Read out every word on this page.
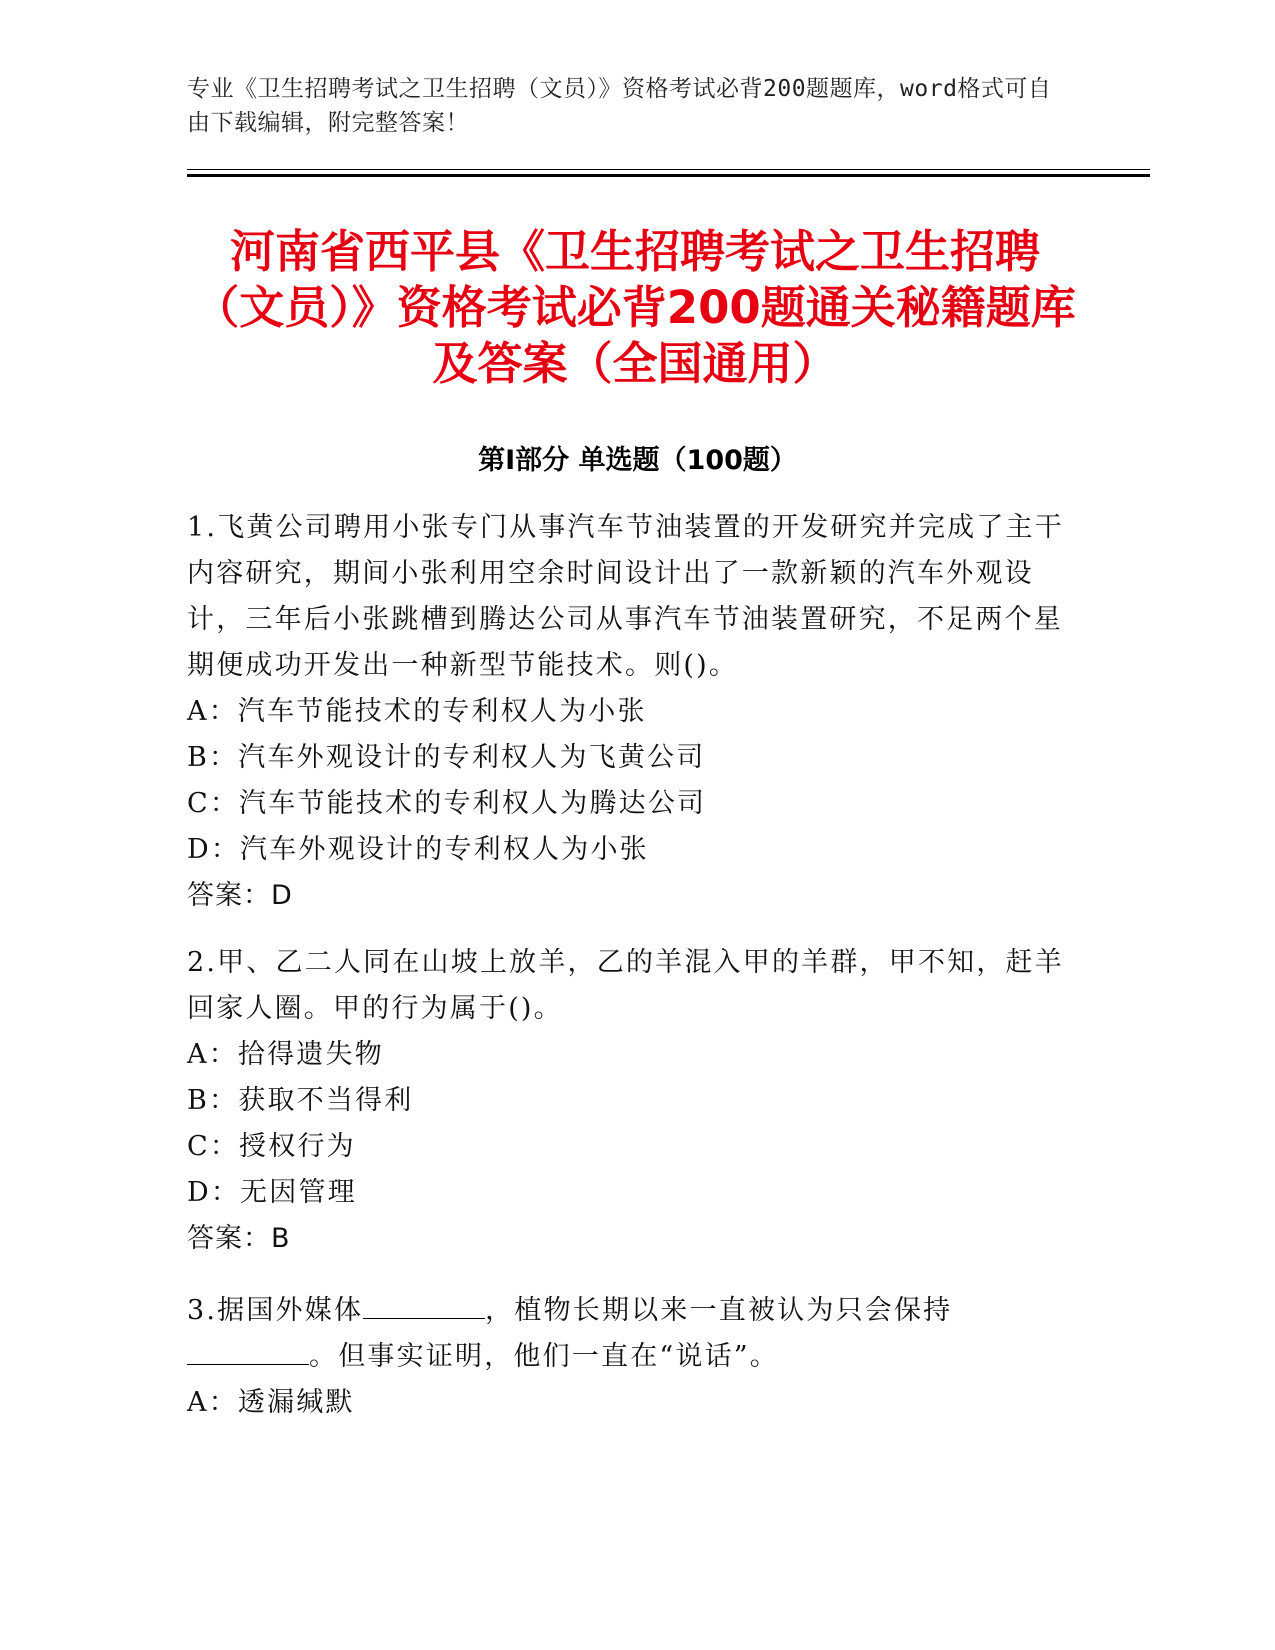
专业《卫生招聘考试之卫生招聘（文员）》资格考试必背200题题库，word格式可自由下载编辑，附完整答案！
河南省西平县《卫生招聘考试之卫生招聘（文员）》资格考试必背200题通关秘籍题库及答案（全国通用）
第Ⅰ部分 单选题（100题）
1.飞黄公司聘用小张专门从事汽车节油装置的开发研究并完成了主干内容研究，期间小张利用空余时间设计出了一款新颖的汽车外观设计，三年后小张跳槽到腾达公司从事汽车节油装置研究，不足两个星期便成功开发出一种新型节能技术。则()。
A：汽车节能技术的专利权人为小张
B：汽车外观设计的专利权人为飞黄公司
C：汽车节能技术的专利权人为腾达公司
D：汽车外观设计的专利权人为小张
答案：D
2.甲、乙二人同在山坡上放羊，乙的羊混入甲的羊群，甲不知，赶羊回家人圈。甲的行为属于()。
A：拾得遗失物
B：获取不当得利
C：授权行为
D：无因管理
答案：B
3.据国外媒体	，植物长期以来一直被认为只会保持。但事实证明，他们一直在“说话”。
A：透漏缄默
